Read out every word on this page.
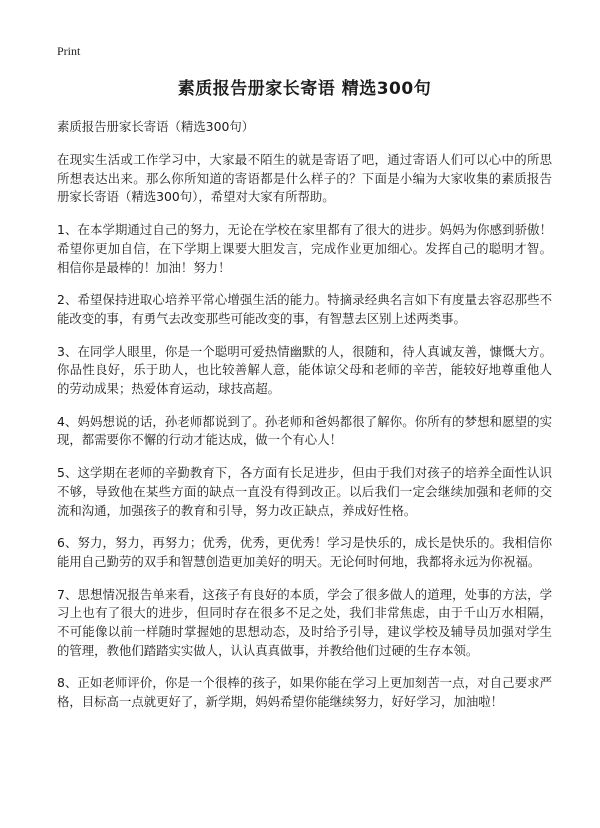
Print
素质报告册家长寄语 精选300句

素质报告册家长寄语（精选300句）

在现实生活或工作学习中，大家最不陌生的就是寄语了吧，通过寄语人们可以心中的所思所想表达出来。那么你所知道的寄语都是什么样子的？下面是小编为大家收集的素质报告册家长寄语（精选300句），希望对大家有所帮助。

1、在本学期通过自己的努力，无论在学校在家里都有了很大的进步。妈妈为你感到骄傲！希望你更加自信，在下学期上课要大胆发言，完成作业更加细心。发挥自己的聪明才智。相信你是最棒的！加油！努力！

2、希望保持进取心培养平常心增强生活的能力。特摘录经典名言如下有度量去容忍那些不能改变的事，有勇气去改变那些可能改变的事，有智慧去区别上述两类事。

3、在同学人眼里，你是一个聪明可爱热情幽默的人，很随和，待人真诚友善，慷慨大方。你品性良好，乐于助人，也比较善解人意，能体谅父母和老师的辛苦，能较好地尊重他人的劳动成果；热爱体育运动，球技高超。

4、妈妈想说的话，孙老师都说到了。孙老师和爸妈都很了解你。你所有的梦想和愿望的实现，都需要你不懈的行动才能达成，做一个有心人！

5、这学期在老师的辛勤教育下，各方面有长足进步，但由于我们对孩子的培养全面性认识不够，导致他在某些方面的缺点一直没有得到改正。以后我们一定会继续加强和老师的交流和沟通，加强孩子的教育和引导，努力改正缺点，养成好性格。

6、努力，努力，再努力；优秀，优秀，更优秀！学习是快乐的，成长是快乐的。我相信你能用自己勤劳的双手和智慧创造更加美好的明天。无论何时何地，我都将永远为你祝福。

7、思想情况报告单来看，这孩子有良好的本质，学会了很多做人的道理，处事的方法，学习上也有了很大的进步，但同时存在很多不足之处，我们非常焦虑，由于千山万水相隔，不可能像以前一样随时掌握她的思想动态，及时给予引导，建议学校及辅导员加强对学生的管理，教他们踏踏实实做人，认认真真做事，并教给他们过硬的生存本领。

8、正如老师评价，你是一个很棒的孩子，如果你能在学习上更加刻苦一点，对自己要求严格，目标高一点就更好了，新学期，妈妈希望你能继续努力，好好学习，加油啦！
